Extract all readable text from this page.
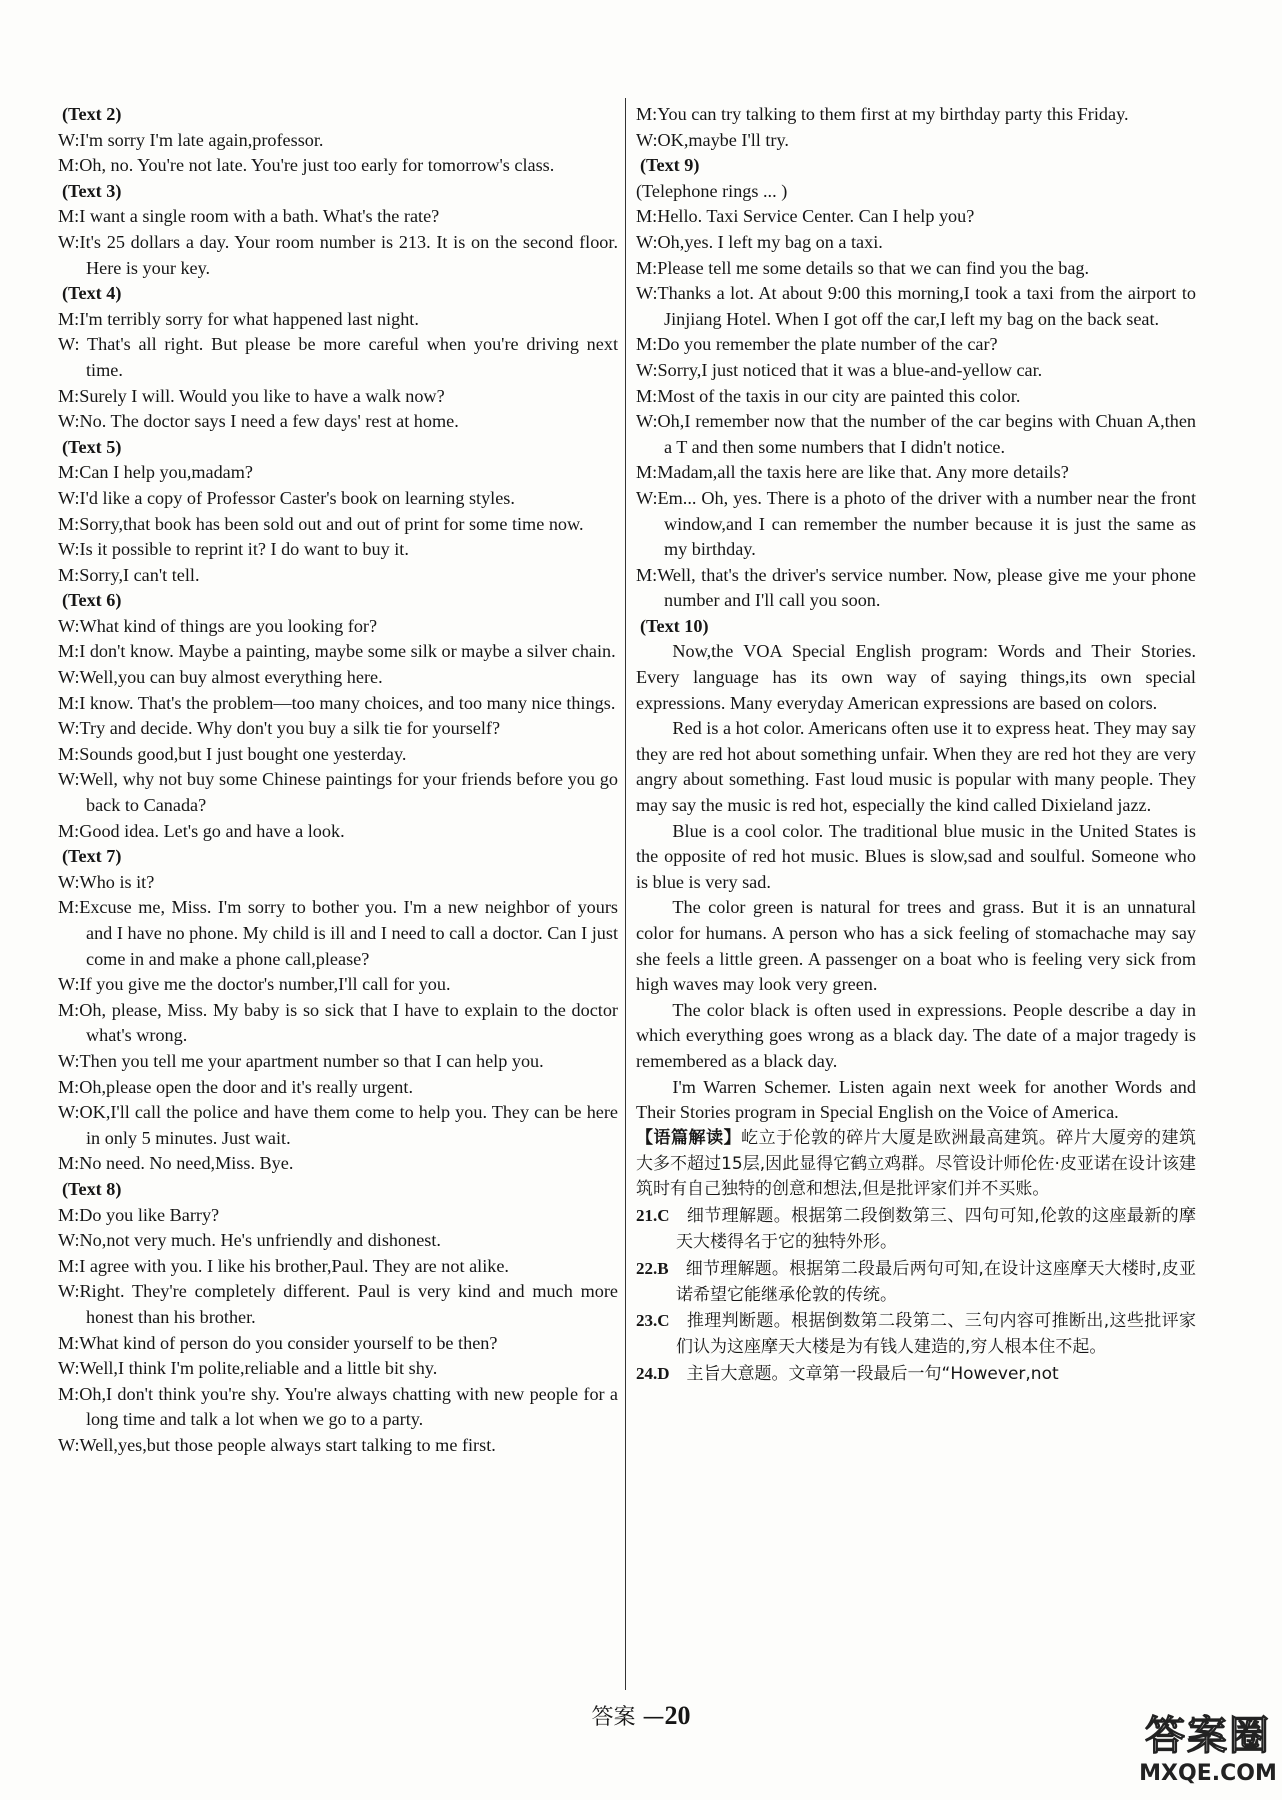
(Text 2)
W:I'm sorry I'm late again,professor.
M:Oh, no. You're not late. You're just too early for tomorrow's class.
(Text 3)
M:I want a single room with a bath. What's the rate?
W:It's 25 dollars a day. Your room number is 213. It is on the second floor. Here is your key.
(Text 4)
M:I'm terribly sorry for what happened last night.
W: That's all right. But please be more careful when you're driving next time.
M:Surely I will. Would you like to have a walk now?
W:No. The doctor says I need a few days' rest at home.
(Text 5)
M:Can I help you,madam?
W:I'd like a copy of Professor Caster's book on learning styles.
M:Sorry,that book has been sold out and out of print for some time now.
W:Is it possible to reprint it? I do want to buy it.
M:Sorry,I can't tell.
(Text 6)
W:What kind of things are you looking for?
M:I don't know. Maybe a painting, maybe some silk or maybe a silver chain.
W:Well,you can buy almost everything here.
M:I know. That's the problem—too many choices, and too many nice things.
W:Try and decide. Why don't you buy a silk tie for yourself?
M:Sounds good,but I just bought one yesterday.
W:Well, why not buy some Chinese paintings for your friends before you go back to Canada?
M:Good idea. Let's go and have a look.
(Text 7)
W:Who is it?
M:Excuse me, Miss. I'm sorry to bother you. I'm a new neighbor of yours and I have no phone. My child is ill and I need to call a doctor. Can I just come in and make a phone call,please?
W:If you give me the doctor's number,I'll call for you.
M:Oh, please, Miss. My baby is so sick that I have to explain to the doctor what's wrong.
W:Then you tell me your apartment number so that I can help you.
M:Oh,please open the door and it's really urgent.
W:OK,I'll call the police and have them come to help you. They can be here in only 5 minutes. Just wait.
M:No need. No need,Miss. Bye.
(Text 8)
M:Do you like Barry?
W:No,not very much. He's unfriendly and dishonest.
M:I agree with you. I like his brother,Paul. They are not alike.
W:Right. They're completely different. Paul is very kind and much more honest than his brother.
M:What kind of person do you consider yourself to be then?
W:Well,I think I'm polite,reliable and a little bit shy.
M:Oh,I don't think you're shy. You're always chatting with new people for a long time and talk a lot when we go to a party.
W:Well,yes,but those people always start talking to me first.
M:You can try talking to them first at my birthday party this Friday.
W:OK,maybe I'll try.
(Text 9)
(Telephone rings ... )
M:Hello. Taxi Service Center. Can I help you?
W:Oh,yes. I left my bag on a taxi.
M:Please tell me some details so that we can find you the bag.
W:Thanks a lot. At about 9:00 this morning,I took a taxi from the airport to Jinjiang Hotel. When I got off the car,I left my bag on the back seat.
M:Do you remember the plate number of the car?
W:Sorry,I just noticed that it was a blue-and-yellow car.
M:Most of the taxis in our city are painted this color.
W:Oh,I remember now that the number of the car begins with Chuan A,then a T and then some numbers that I didn't notice.
M:Madam,all the taxis here are like that. Any more details?
W:Em... Oh, yes. There is a photo of the driver with a number near the front window,and I can remember the number because it is just the same as my birthday.
M:Well, that's the driver's service number. Now, please give me your phone number and I'll call you soon.
(Text 10)
Now,the VOA Special English program: Words and Their Stories. Every language has its own way of saying things,its own special expressions. Many everyday American expressions are based on colors.
Red is a hot color. Americans often use it to express heat. They may say they are red hot about something unfair. When they are red hot they are very angry about something. Fast loud music is popular with many people. They may say the music is red hot, especially the kind called Dixieland jazz.
Blue is a cool color. The traditional blue music in the United States is the opposite of red hot music. Blues is slow,sad and soulful. Someone who is blue is very sad.
The color green is natural for trees and grass. But it is an unnatural color for humans. A person who has a sick feeling of stomachache may say she feels a little green. A passenger on a boat who is feeling very sick from high waves may look very green.
The color black is often used in expressions. People describe a day in which everything goes wrong as a black day. The date of a major tragedy is remembered as a black day.
I'm Warren Schemer. Listen again next week for another Words and Their Stories program in Special English on the Voice of America.
【语篇解读】屹立于伦敦的碎片大厦是欧洲最高建筑。碎片大厦旁的建筑大多不超过15层,因此显得它鹤立鸡群。尽管设计师伦佐·皮亚诺在设计该建筑时有自己独特的创意和想法,但是批评家们并不买账。
21.C  细节理解题。根据第二段倒数第三、四句可知,伦敦的这座最新的摩天大楼得名于它的独特外形。
22.B  细节理解题。根据第二段最后两句可知,在设计这座摩天大楼时,皮亚诺希望它能继承伦敦的传统。
23.C  推理判断题。根据倒数第二段第二、三句内容可推断出,这些批评家们认为这座摩天大楼是为有钱人建造的,穷人根本住不起。
24.D  主旨大意题。文章第一段最后一句“However,not
答案 —20	答案圈
MXQE.COM
